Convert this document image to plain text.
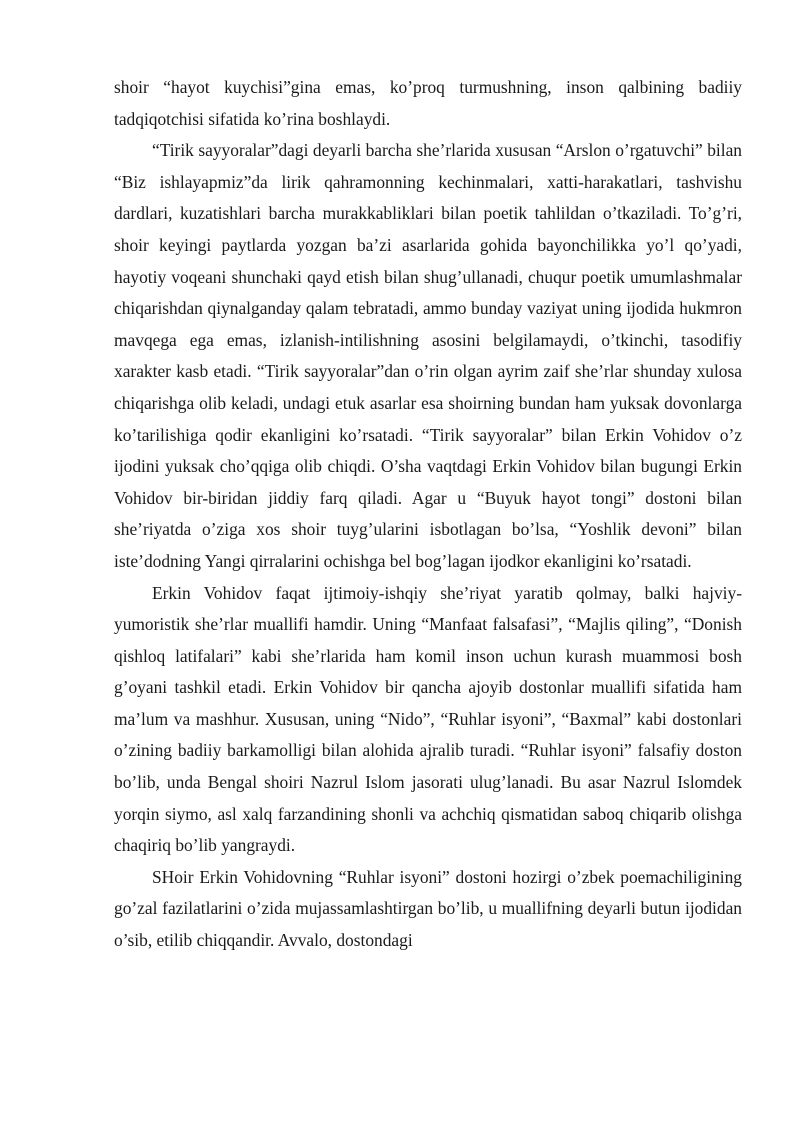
shoir “hayot kuychisi”gina emas, ko’proq turmushning, inson qalbining badiiy tadqiqotchisi sifatida ko’rina boshlaydi.

“Tirik sayyoralar”dagi deyarli barcha she’rlarida xususan “Arslon o’rgatuvchi” bilan “Biz ishlayapmiz”da lirik qahramonning kechinmalari, xatti-harakatlari, tashvishu dardlari, kuzatishlari barcha murakkabliklari bilan poetik tahlildan o’tkaziladi. To’g’ri, shoir keyingi paytlarda yozgan ba’zi asarlarida gohida bayonchilikka yo’l qo’yadi, hayotiy voqeani shunchaki qayd etish bilan shug’ullanadi, chuqur poetik umumlashmalar chiqarishdan qiynalganday qalam tebratadi, ammo bunday vaziyat uning ijodida hukmron mavqega ega emas, izlanish-intilishning asosini belgilamaydi, o’tkinchi, tasodifiy xarakter kasb etadi. “Tirik sayyoralar”dan o’rin olgan ayrim zaif she’rlar shunday xulosa chiqarishga olib keladi, undagi etuk asarlar esa shoirning bundan ham yuksak dovonlarga ko’tarilishiga qodir ekanligini ko’rsatadi. “Tirik sayyoralar” bilan Erkin Vohidov o’z ijodini yuksak cho’qqiga olib chiqdi. O’sha vaqtdagi Erkin Vohidov bilan bugungi Erkin Vohidov bir-biridan jiddiy farq qiladi. Agar u “Buyuk hayot tongi” dostoni bilan she’riyatda o’ziga xos shoir tuyg’ularini isbotlagan bo’lsa, “Yoshlik devoni” bilan iste’dodning Yangi qirralarini ochishga bel bog’lagan ijodkor ekanligini ko’rsatadi.

Erkin Vohidov faqat ijtimoiy-ishqiy she’riyat yaratib qolmay, balki hajviy-yumoristik she’rlar muallifi hamdir. Uning “Manfaat falsafasi”, “Majlis qiling”, “Donish qishloq latifalari” kabi she’rlarida ham komil inson uchun kurash muammosi bosh g’oyani tashkil etadi. Erkin Vohidov bir qancha ajoyib dostonlar muallifi sifatida ham ma’lum va mashhur. Xususan, uning “Nido”, “Ruhlar isyoni”, “Baxmal” kabi dostonlari o’zining badiiy barkamolligi bilan alohida ajralib turadi. “Ruhlar isyoni” falsafiy doston bo’lib, unda Bengal shoiri Nazrul Islom jasorati ulug’lanadi. Bu asar Nazrul Islomdek yorqin siymo, asl xalq farzandining shonli va achchiq qismatidan saboq chiqarib olishga chaqiriq bo’lib yangraydi.

SHoir Erkin Vohidovning “Ruhlar isyoni” dostoni hozirgi o’zbek poemachiligining go’zal fazilatlarini o’zida mujassamlashtirgan bo’lib, u muallifning deyarli butun ijodidan o’sib, etilib chiqqandir. Avvalo, dostondagi
